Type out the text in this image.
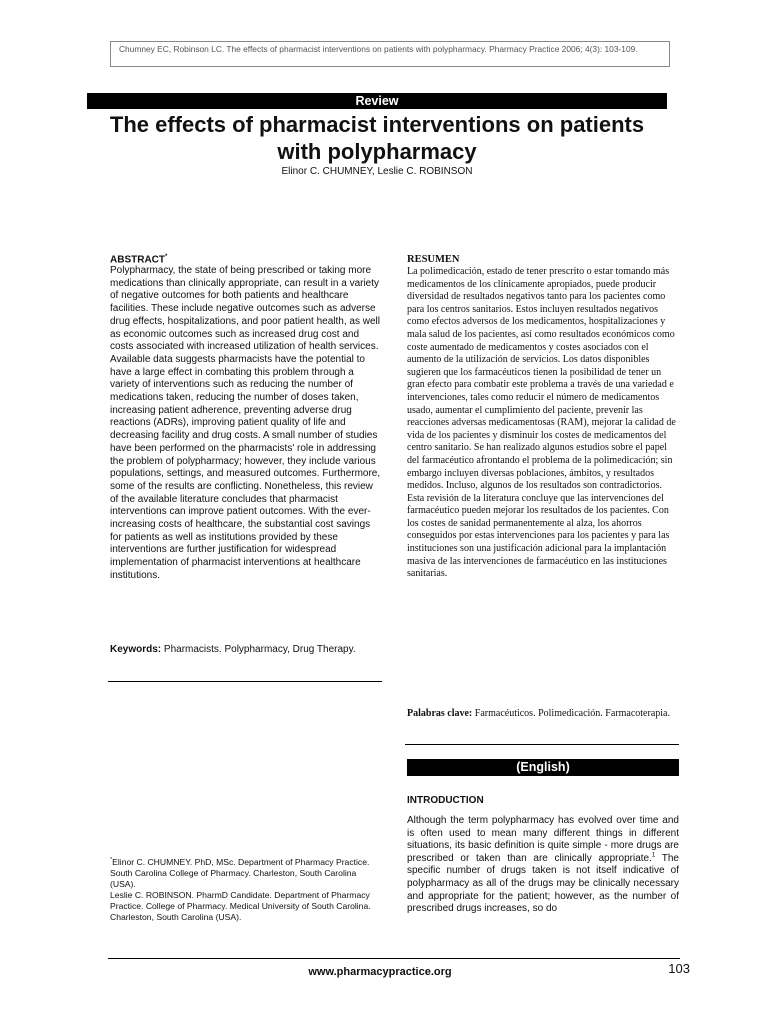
Chumney EC, Robinson LC. The effects of pharmacist interventions on patients with polypharmacy. Pharmacy Practice 2006; 4(3): 103-109.
Review
The effects of pharmacist interventions on patients with polypharmacy
Elinor C. CHUMNEY, Leslie C. ROBINSON
ABSTRACT*
Polypharmacy, the state of being prescribed or taking more medications than clinically appropriate, can result in a variety of negative outcomes for both patients and healthcare facilities. These include negative outcomes such as adverse drug effects, hospitalizations, and poor patient health, as well as economic outcomes such as increased drug cost and costs associated with increased utilization of health services. Available data suggests pharmacists have the potential to have a large effect in combating this problem through a variety of interventions such as reducing the number of medications taken, reducing the number of doses taken, increasing patient adherence, preventing adverse drug reactions (ADRs), improving patient quality of life and decreasing facility and drug costs. A small number of studies have been performed on the pharmacists' role in addressing the problem of polypharmacy; however, they include various populations, settings, and measured outcomes. Furthermore, some of the results are conflicting. Nonetheless, this review of the available literature concludes that pharmacist interventions can improve patient outcomes. With the ever-increasing costs of healthcare, the substantial cost savings for patients as well as institutions provided by these interventions are further justification for widespread implementation of pharmacist interventions at healthcare institutions.
Keywords: Pharmacists. Polypharmacy, Drug Therapy.
RESUMEN
La polimedicación, estado de tener prescrito o estar tomando más medicamentos de los clínicamente apropiados, puede producir diversidad de resultados negativos tanto para los pacientes como para los centros sanitarios. Estos incluyen resultados negativos como efectos adversos de los medicamentos, hospitalizaciones y mala salud de los pacientes, así como resultados económicos como coste aumentado de medicamentos y costes asociados con el aumento de la utilización de servicios. Los datos disponibles sugieren que los farmacéuticos tienen la posibilidad de tener un gran efecto para combatir este problema a través de una variedad e intervenciones, tales como reducir el número de medicamentos usado, aumentar el cumplimiento del paciente, prevenir las reacciones adversas medicamentosas (RAM), mejorar la calidad de vida de los pacientes y disminuir los costes de medicamentos del centro sanitario. Se han realizado algunos estudios sobre el papel del farmacéutico afrontando el problema de la polimedicación; sin embargo incluyen diversas poblaciones, ámbitos, y resultados medidos. Incluso, algunos de los resultados son contradictorios.
Esta revisión de la literatura concluye que las intervenciones del farmacéutico pueden mejorar los resultados de los pacientes. Con los costes de sanidad permanentemente al alza, los ahorros conseguidos por estas intervenciones para los pacientes y para las instituciones son una justificación adicional para la implantación masiva de las intervenciones de farmacéutico en las instituciones sanitarias.
Palabras clave: Farmacéuticos. Polimedicación. Farmacoterapia.
(English)
INTRODUCTION
Although the term polypharmacy has evolved over time and is often used to mean many different things in different situations, its basic definition is quite simple - more drugs are prescribed or taken than are clinically appropriate.$^1$ The specific number of drugs taken is not itself indicative of polypharmacy as all of the drugs may be clinically necessary and appropriate for the patient; however, as the number of prescribed drugs increases, so do
*Elinor C. CHUMNEY. PhD, MSc. Department of Pharmacy Practice. South Carolina College of Pharmacy. Charleston, South Carolina (USA).
Leslie C. ROBINSON. PharmD Candidate. Department of Pharmacy Practice. College of Pharmacy. Medical University of South Carolina. Charleston, South Carolina (USA).
www.pharmacypractice.org	103
